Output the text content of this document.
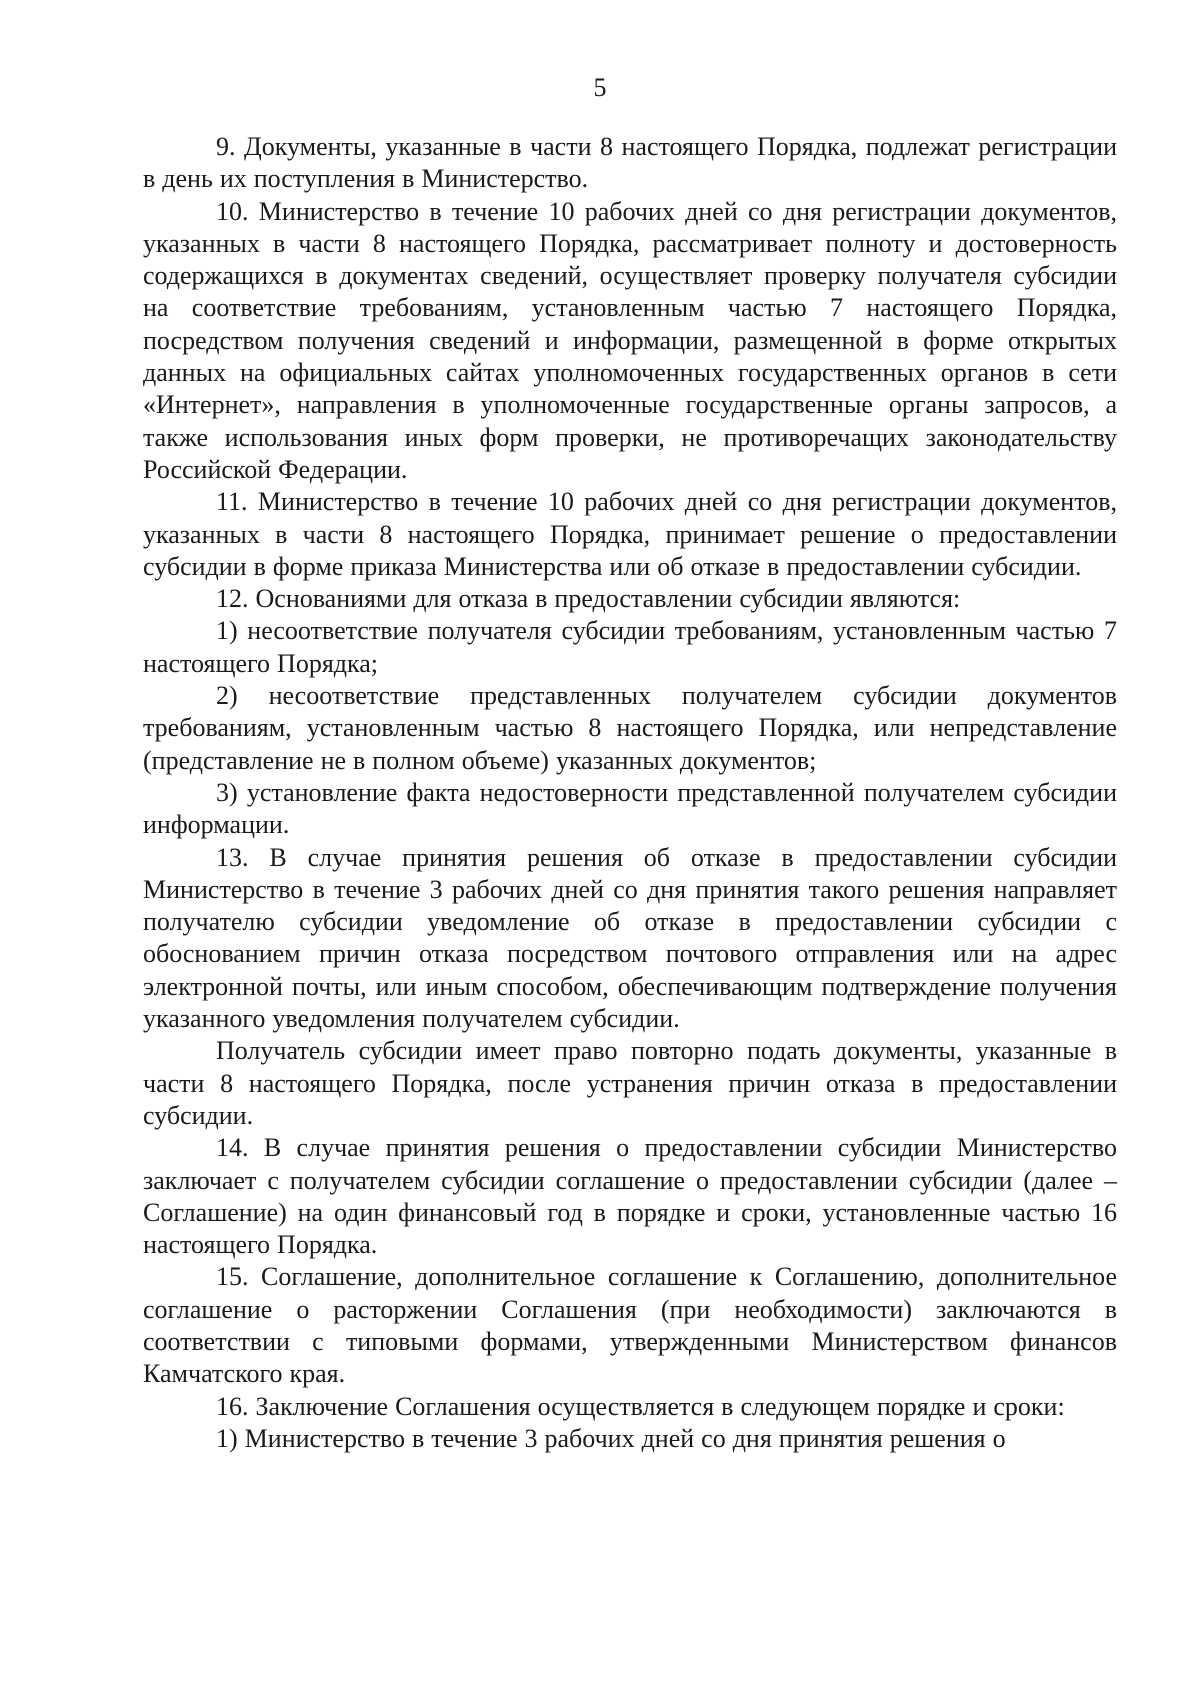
5

9. Документы, указанные в части 8 настоящего Порядка, подлежат регистрации в день их поступления в Министерство.

10. Министерство в течение 10 рабочих дней со дня регистрации документов, указанных в части 8 настоящего Порядка, рассматривает полноту и достоверность содержащихся в документах сведений, осуществляет проверку получателя субсидии на соответствие требованиям, установленным частью 7 настоящего Порядка, посредством получения сведений и информации, размещенной в форме открытых данных на официальных сайтах уполномоченных государственных органов в сети «Интернет», направления в уполномоченные государственные органы запросов, а также использования иных форм проверки, не противоречащих законодательству Российской Федерации.

11. Министерство в течение 10 рабочих дней со дня регистрации документов, указанных в части 8 настоящего Порядка, принимает решение о предоставлении субсидии в форме приказа Министерства или об отказе в предоставлении субсидии.

12. Основаниями для отказа в предоставлении субсидии являются:

1) несоответствие получателя субсидии требованиям, установленным частью 7 настоящего Порядка;

2) несоответствие представленных получателем субсидии документов требованиям, установленным частью 8 настоящего Порядка, или непредставление (представление не в полном объеме) указанных документов;

3) установление факта недостоверности представленной получателем субсидии информации.

13. В случае принятия решения об отказе в предоставлении субсидии Министерство в течение 3 рабочих дней со дня принятия такого решения направляет получателю субсидии уведомление об отказе в предоставлении субсидии с обоснованием причин отказа посредством почтового отправления или на адрес электронной почты, или иным способом, обеспечивающим подтверждение получения указанного уведомления получателем субсидии.

Получатель субсидии имеет право повторно подать документы, указанные в части 8 настоящего Порядка, после устранения причин отказа в предоставлении субсидии.

14. В случае принятия решения о предоставлении субсидии Министерство заключает с получателем субсидии соглашение о предоставлении субсидии (далее – Соглашение) на один финансовый год в порядке и сроки, установленные частью 16 настоящего Порядка.

15. Соглашение, дополнительное соглашение к Соглашению, дополнительное соглашение о расторжении Соглашения (при необходимости) заключаются в соответствии с типовыми формами, утвержденными Министерством финансов Камчатского края.

16. Заключение Соглашения осуществляется в следующем порядке и сроки:

1) Министерство в течение 3 рабочих дней со дня принятия решения о
